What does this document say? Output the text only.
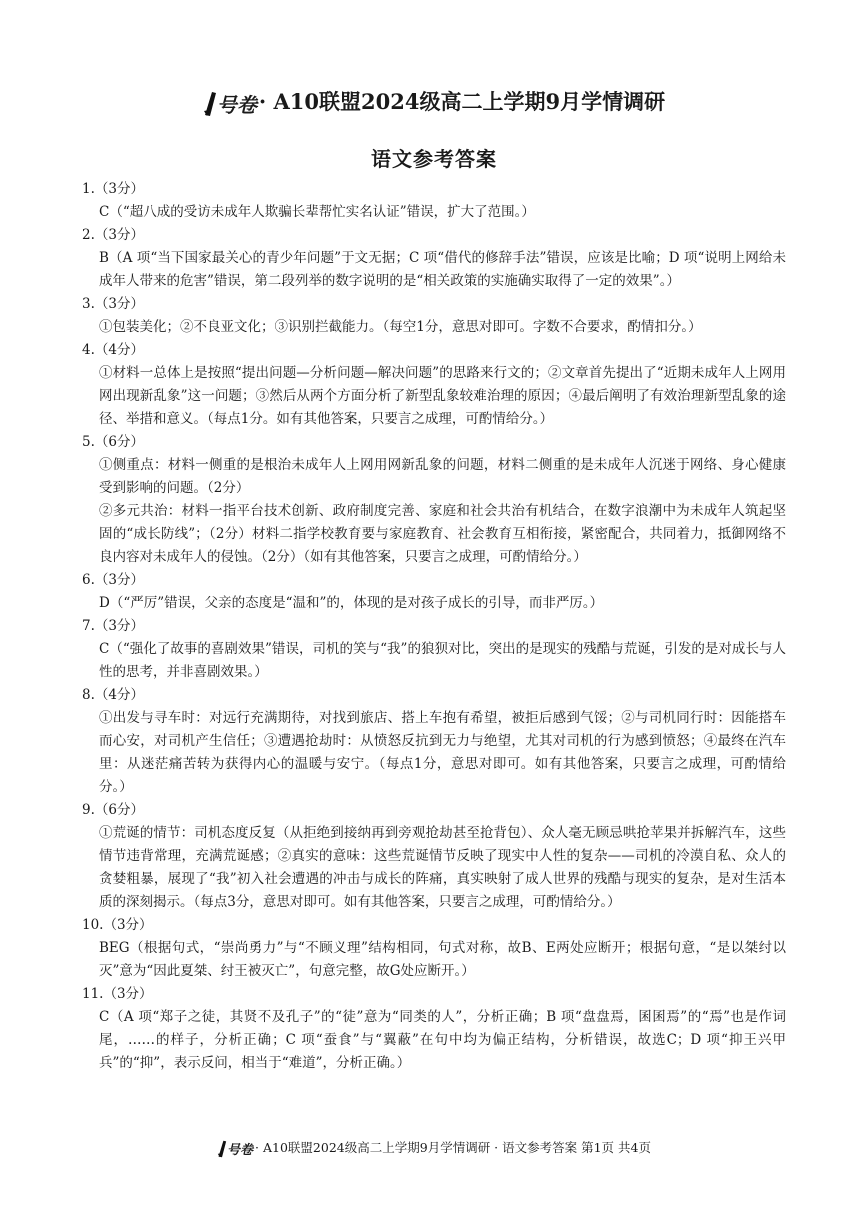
号卷 · A10联盟2024级高二上学期9月学情调研
语文参考答案
1.（3分）
C（“超八成的受访未成年人欺骗长辈帮忙实名认证”错误，扩大了范围。）
2.（3分）
B（A 项“当下国家最关心的青少年问题”于文无据；C 项“借代的修辞手法”错误，应该是比喻；D 项“说明上网给未成年人带来的危害”错误，第二段列举的数字说明的是“相关政策的实施确实取得了一定的效果”。）
3.（3分）
①包装美化；②不良亚文化；③识别拦截能力。（每空1分，意思对即可。字数不合要求，酌情扣分。）
4.（4分）
①材料一总体上是按照“提出问题—分析问题—解决问题”的思路来行文的；②文章首先提出了“近期未成年人上网用网出现新乱象”这一问题；③然后从两个方面分析了新型乱象较难治理的原因；④最后阐明了有效治理新型乱象的途径、举措和意义。（每点1分。如有其他答案，只要言之成理，可酌情给分。）
5.（6分）
①侧重点：材料一侧重的是根治未成年人上网用网新乱象的问题，材料二侧重的是未成年人沉迷于网络、身心健康受到影响的问题。（2分）
②多元共治：材料一指平台技术创新、政府制度完善、家庭和社会共治有机结合，在数字浪潮中为未成年人筑起坚固的“成长防线”；（2分）材料二指学校教育要与家庭教育、社会教育互相衔接，紧密配合，共同着力，抵御网络不良内容对未成年人的侵蚀。（2分）（如有其他答案，只要言之成理，可酌情给分。）
6.（3分）
D（“严厉”错误，父亲的态度是“温和”的，体现的是对孩子成长的引导，而非严厉。）
7.（3分）
C（“强化了故事的喜剧效果”错误，司机的笑与“我”的狼狈对比，突出的是现实的残酷与荒诞，引发的是对成长与人性的思考，并非喜剧效果。）
8.（4分）
①出发与寻车时：对远行充满期待，对找到旅店、搭上车抱有希望，被拒后感到气馁；②与司机同行时：因能搭车而心安，对司机产生信任；③遭遇抢劫时：从愤怒反抗到无力与绝望，尤其对司机的行为感到愤怒；④最终在汽车里：从迷茫痛苦转为获得内心的温暖与安宁。（每点1分，意思对即可。如有其他答案，只要言之成理，可酌情给分。）
9.（6分）
①荒诞的情节：司机态度反复（从拒绝到接纳再到旁观抢劫甚至抢背包）、众人毫无顾忌哄抢苹果并拆解汽车，这些情节违背常理，充满荒诞感；②真实的意味：这些荒诞情节反映了现实中人性的复杂——司机的冷漠自私、众人的贪婪粗暴，展现了“我”初入社会遭遇的冲击与成长的阵痛，真实映射了成人世界的残酷与现实的复杂，是对生活本质的深刻揭示。（每点3分，意思对即可。如有其他答案，只要言之成理，可酌情给分。）
10.（3分）
BEG（根据句式，“崇尚勇力”与“不顾义理”结构相同，句式对称，故B、E两处应断开；根据句意，“是以桀纣以灭”意为“因此夏桀、纣王被灭亡”，句意完整，故G处应断开。）
11.（3分）
C（A 项“郑子之徒，其贤不及孔子”的“徒”意为“同类的人”，分析正确；B 项“盘盘焉，囷囷焉”的“焉”也是作词尾，……的样子，分析正确；C 项“蚕食”与“翼蔽”在句中均为偏正结构，分析错误，故选C；D 项“抑王兴甲兵”的“抑”，表示反问，相当于“难道”，分析正确。）
号卷 · A10联盟2024级高二上学期9月学情调研 · 语文参考答案 第1页 共4页
